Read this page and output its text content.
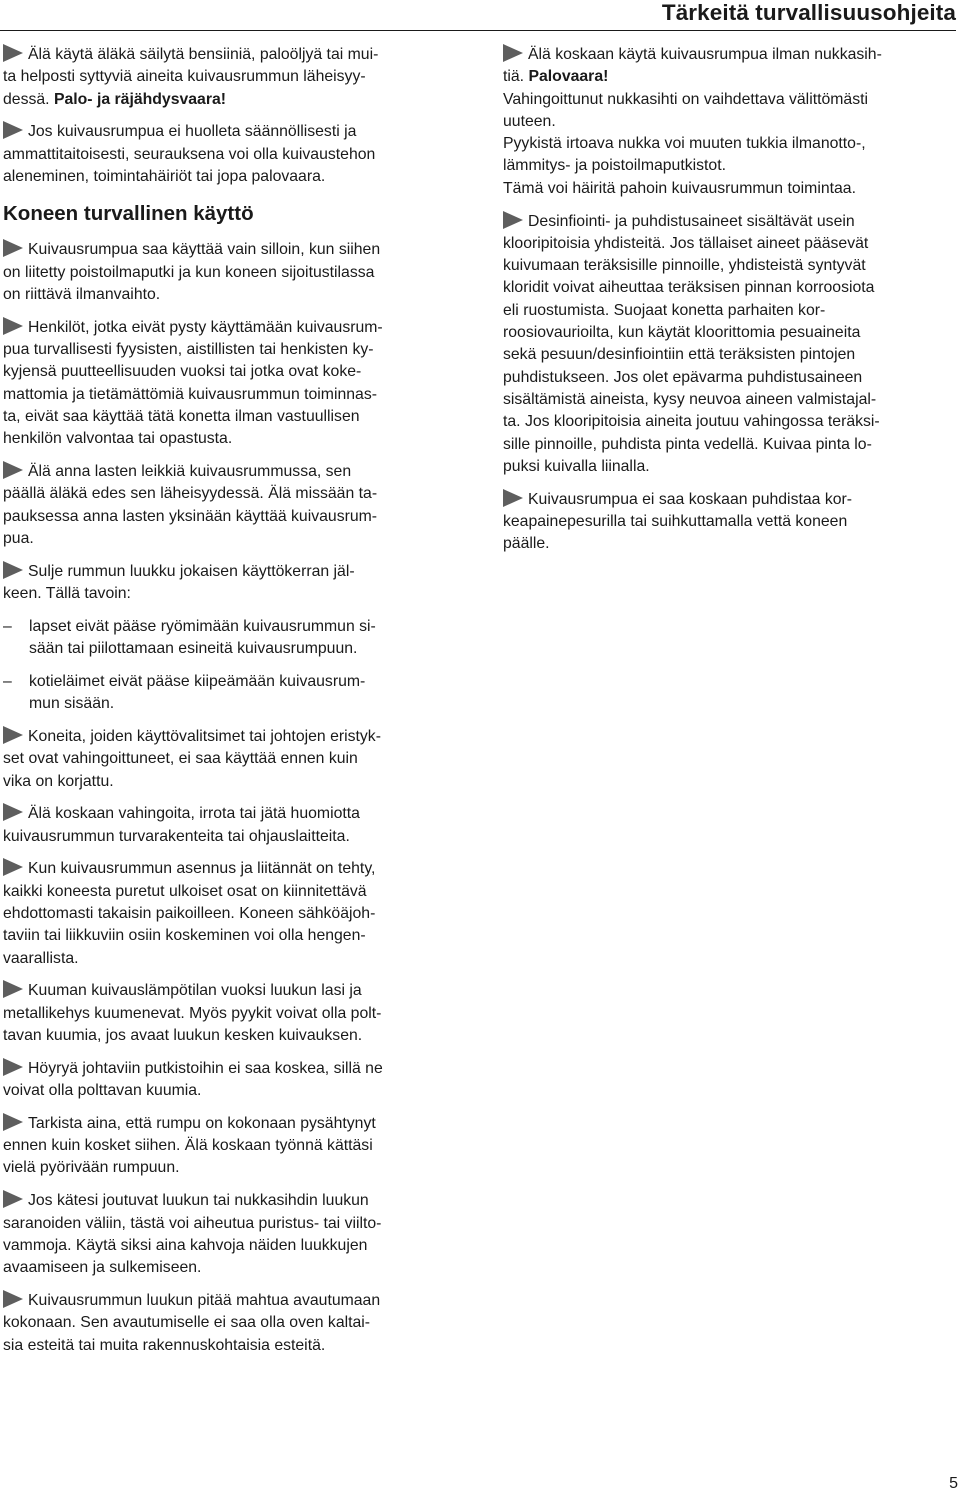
Tärkeitä turvallisuusohjeita
Älä käytä äläkä säilytä bensiiniä, paloöljyä tai mui-
ta helposti syttyviä aineita kuivausrummun läheisyy-
dessä. Palo- ja räjähdysvaara!
Jos kuivausrumpua ei huolleta säännöllisesti ja
ammattitaitoisesti, seurauksena voi olla kuivaustehon
aleneminen, toimintahäiriöt tai jopa palovaara.
Koneen turvallinen käyttö
Kuivausrumpua saa käyttää vain silloin, kun siihen
on liitetty poistoilmaputki ja kun koneen sijoitustilassa
on riittävä ilmanvaihto.
Henkilöt, jotka eivät pysty käyttämään kuivausrum-
pua turvallisesti fyysisten, aistillisten tai henkisten ky-
kyjensä puutteellisuuden vuoksi tai jotka ovat koke-
mattomia ja tietämättömiä kuivausrummun toiminnas-
ta, eivät saa käyttää tätä konetta ilman vastuullisen
henkilön valvontaa tai opastusta.
Älä anna lasten leikkiä kuivausrummussa, sen
päällä äläkä edes sen läheisyydessä. Älä missään ta-
pauksessa anna lasten yksinään käyttää kuivausrum-
pua.
Sulje rummun luukku jokaisen käyttökerran jäl-
keen. Tällä tavoin:
– lapset eivät pääse ryömimään kuivausrummun si-
sään tai piilottamaan esineitä kuivausrumpuun.
– kotieläimet eivät pääse kiipeämään kuivausrum-
mun sisään.
Koneita, joiden käyttövalitsimet tai johtojen eristyk-
set ovat vahingoittuneet, ei saa käyttää ennen kuin
vika on korjattu.
Älä koskaan vahingoita, irrota tai jätä huomiotta
kuivausrummun turvarakenteita tai ohjauslaitteita.
Kun kuivausrummun asennus ja liitännät on tehty,
kaikki koneesta puretut ulkoiset osat on kiinnitettävä
ehdottomasti takaisin paikoilleen. Koneen sähköäjoh-
taviin tai liikkuviin osiin koskeminen voi olla hengen-
vaarallista.
Kuuman kuivauslämpötilan vuoksi luukun lasi ja
metallikehys kuumenevat. Myös pyykit voivat olla polt-
tavan kuumia, jos avaat luukun kesken kuivauksen.
Höyryä johtaviin putkistoihin ei saa koskea, sillä ne
voivat olla polttavan kuumia.
Tarkista aina, että rumpu on kokonaan pysähtynyt
ennen kuin kosket siihen. Älä koskaan työnnä kättäsi
vielä pyörivään rumpuun.
Jos kätesi joutuvat luukun tai nukkasihdin luukun
saranoiden väliin, tästä voi aiheutua puristus- tai viilto-
vammoja. Käytä siksi aina kahvoja näiden luukkujen
avaamiseen ja sulkemiseen.
Kuivausrummun luukun pitää mahtua avautumaan
kokonaan. Sen avautumiselle ei saa olla oven kaltai-
sia esteitä tai muita rakennuskohtaisia esteitä.
Älä koskaan käytä kuivausrumpua ilman nukkasih-
tiä. Palovaara!
Vahingoittunut nukkasihti on vaihdettava välittömästi
uuteen.
Pyykistä irtoava nukka voi muuten tukkia ilmanotto-,
lämmitys- ja poistoilmaputkistot.
Tämä voi häiritä pahoin kuivausrummun toimintaa.
Desinfiointi- ja puhdistusaineet sisältävät usein
klooripitoisia yhdisteitä. Jos tällaiset aineet pääsevät
kuivumaan teräksisille pinnoille, yhdisteistä syntyvät
kloridit voivat aiheuttaa teräksisen pinnan korroosiota
eli ruostumista. Suojaat konetta parhaiten kor-
roosiovaurioilta, kun käytät kloorittomia pesuaineita
sekä pesuun/desinfiointiin että teräksisten pintojen
puhdistukseen. Jos olet epävarma puhdistusaineen
sisältämistä aineista, kysy neuvoa aineen valmistajal-
ta. Jos klooripitoisia aineita joutuu vahingossa teräksi-
sille pinnoille, puhdista pinta vedellä. Kuivaa pinta lo-
puksi kuivalla liinalla.
Kuivausrumpua ei saa koskaan puhdistaa kor-
keapainepesurilla tai suihkuttamalla vettä koneen
päälle.
5
